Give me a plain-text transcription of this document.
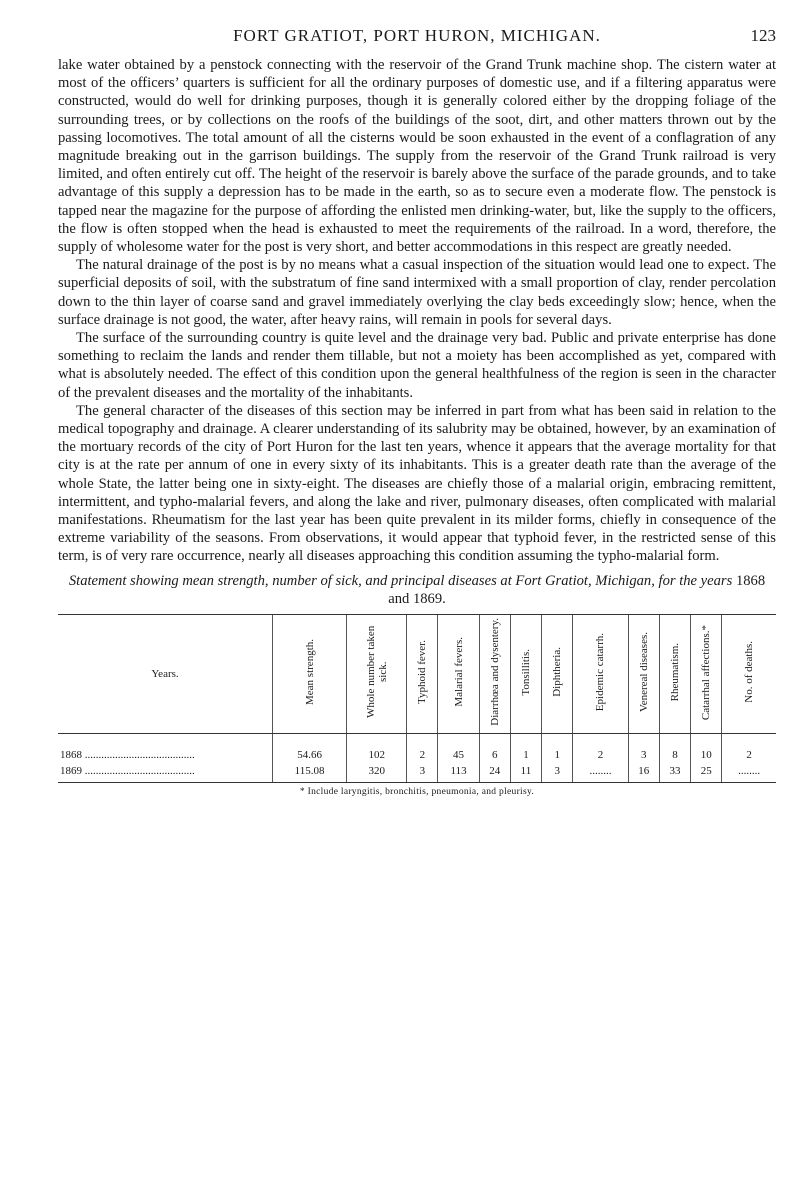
FORT GRATIOT, PORT HURON, MICHIGAN.	123

lake water obtained by a penstock connecting with the reservoir of the Grand Trunk machine shop. The cistern water at most of the officers’ quarters is sufficient for all the ordinary purposes of domestic use, and if a filtering apparatus were constructed, would do well for drinking purposes, though it is generally colored either by the dropping foliage of the surrounding trees, or by collections on the roofs of the buildings of the soot, dirt, and other matters thrown out by the passing locomotives. The total amount of all the cisterns would be soon exhausted in the event of a conflagration of any magnitude breaking out in the garrison buildings. The supply from the reservoir of the Grand Trunk railroad is very limited, and often entirely cut off. The height of the reservoir is barely above the surface of the parade grounds, and to take advantage of this supply a depression has to be made in the earth, so as to secure even a moderate flow. The penstock is tapped near the magazine for the purpose of affording the enlisted men drinking-water, but, like the supply to the officers, the flow is often stopped when the head is exhausted to meet the requirements of the railroad. In a word, therefore, the supply of wholesome water for the post is very short, and better accommodations in this respect are greatly needed.

The natural drainage of the post is by no means what a casual inspection of the situation would lead one to expect. The superficial deposits of soil, with the substratum of fine sand intermixed with a small proportion of clay, render percolation down to the thin layer of coarse sand and gravel immediately overlying the clay beds exceedingly slow; hence, when the surface drainage is not good, the water, after heavy rains, will remain in pools for several days.

The surface of the surrounding country is quite level and the drainage very bad. Public and private enterprise has done something to reclaim the lands and render them tillable, but not a moiety has been accomplished as yet, compared with what is absolutely needed. The effect of this condition upon the general healthfulness of the region is seen in the character of the prevalent diseases and the mortality of the inhabitants.

The general character of the diseases of this section may be inferred in part from what has been said in relation to the medical topography and drainage. A clearer understanding of its salubrity may be obtained, however, by an examination of the mortuary records of the city of Port Huron for the last ten years, whence it appears that the average mortality for that city is at the rate per annum of one in every sixty of its inhabitants. This is a greater death rate than the average of the whole State, the latter being one in sixty-eight. The diseases are chiefly those of a malarial origin, embracing remittent, intermittent, and typho-malarial fevers, and along the lake and river, pulmonary diseases, often complicated with malarial manifestations. Rheumatism for the last year has been quite prevalent in its milder forms, chiefly in consequence of the extreme variability of the seasons. From observations, it would appear that typhoid fever, in the restricted sense of this term, is of very rare occurrence, nearly all diseases approaching this condition assuming the typho-malarial form.

Statement showing mean strength, number of sick, and principal diseases at Fort Gratiot, Michigan, for the years 1868 and 1869.
Years.	Mean strength.	Whole number taken sick.	Typhoid fever.	Malarial fevers.	Diarrhœa and dysentery.	Tonsillitis.	Diphtheria.	Epidemic catarrh.	Venereal diseases.	Rheumatism.	Catarrhal affections.*	No. of deaths.
1868 ........................................	54.66	102	2	45	6	1	1	2	3	8	10	2
1869 ........................................	115.08	320	3	113	24	11	3	........	16	33	25	........
* Include laryngitis, bronchitis, pneumonia, and pleurisy.
